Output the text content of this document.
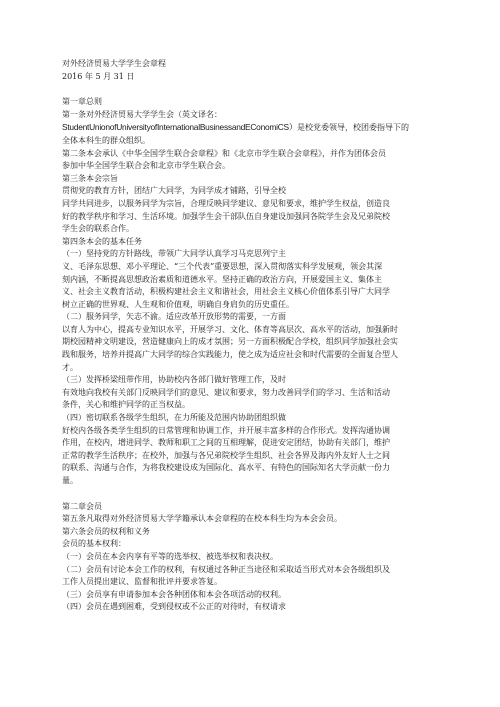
对外经济贸易大学学生会章程
2016 年 5 月 31 日
第一章总则
第一条对外经济贸易大学学生会（英文译名：
StudentUnionofUniversityofInternationalBusinessandEConomiCS）是校党委领导，校团委指导下的
全体本科生的群众组织。
第二条本会承认《中华全国学生联合会章程》和《北京市学生联合会章程》，并作为团体会员
参加中华全国学生联合会和北京市学生联合会。
第三条本会宗旨
贯彻党的教育方针，团结广大同学，为同学成才铺路，引导全校
同学共同进步，以服务同学为宗旨，合理反映同学建议、意见和要求，维护学生权益，创造良
好的教学秩序和学习、生活环境。加强学生会干部队伍自身建设加强同各院学生会及兄弟院校
学生会的联系合作。
第四条本会的基本任务
（一）坚持党的方针路线，带领广大同学认真学习马克思列宁主
义、毛泽东思想、邓小平理论、“三个代表”重要思想，深入贯彻落实科学发展观，领会其深
刻内涵，不断提高思想政治素质和道德水平。坚持正确的政治方向，开展爱国主义、集体主
义、社会主义教育活动，积极构建社会主义和谐社会，用社会主义核心价值体系引导广大同学
树立正确的世界观、人生观和价值观，明确自身肩负的历史重任。
（二）服务同学，矢志不渝。适应改革开放形势的需要，一方面
以育人为中心，提高专业知识水平，开展学习、文化、体育等高层次、高水平的活动，加强新时
期校园精神文明建设，营造健康向上的成才氛围；另一方面积极配合学校，组织同学加强社会实
践和服务，培养并提高广大同学的综合实践能力，使之成为适应社会和时代需要的全面复合型人
才。
（三）发挥桥梁纽带作用，协助校内各部门做好管理工作，及时
有效地向我校有关部门反映同学们的意见、建议和要求，努力改善同学们的学习、生活和活动
条件，关心和维护同学的正当权益。
（四）密切联系各级学生组织，在力所能及范围内协助团组织做
好校内各级各类学生组织的日常管理和协调工作，并开展丰富多样的合作形式。发挥沟通协调
作用，在校内，增进同学、教师和职工之间的互相理解，促进安定团结，协助有关部门，维护
正常的教学生活秩序；在校外，加强与各兄弟院校学生组织、社会各界及海内外友好人士之间
的联系、沟通与合作，为将我校建设成为国际化、高水平、有特色的国际知名大学贡献一份力
量。
第二章会员
第五条凡取得对外经济贸易大学学籍承认本会章程的在校本科生均为本会会员。
第六条会员的权利和义务
会员的基本权利：
（一）会员在本会内享有平等的选举权、被选举权和表决权。
（二）会员有讨论本会工作的权利，有权通过各种正当途径和采取适当形式对本会各级组织及
工作人员提出建议、监督和批评并要求答复。
（三）会员享有申请参加本会各种团体和本会各项活动的权利。
（四）会员在遇到困难，受到侵权或不公正的对待时，有权请求
